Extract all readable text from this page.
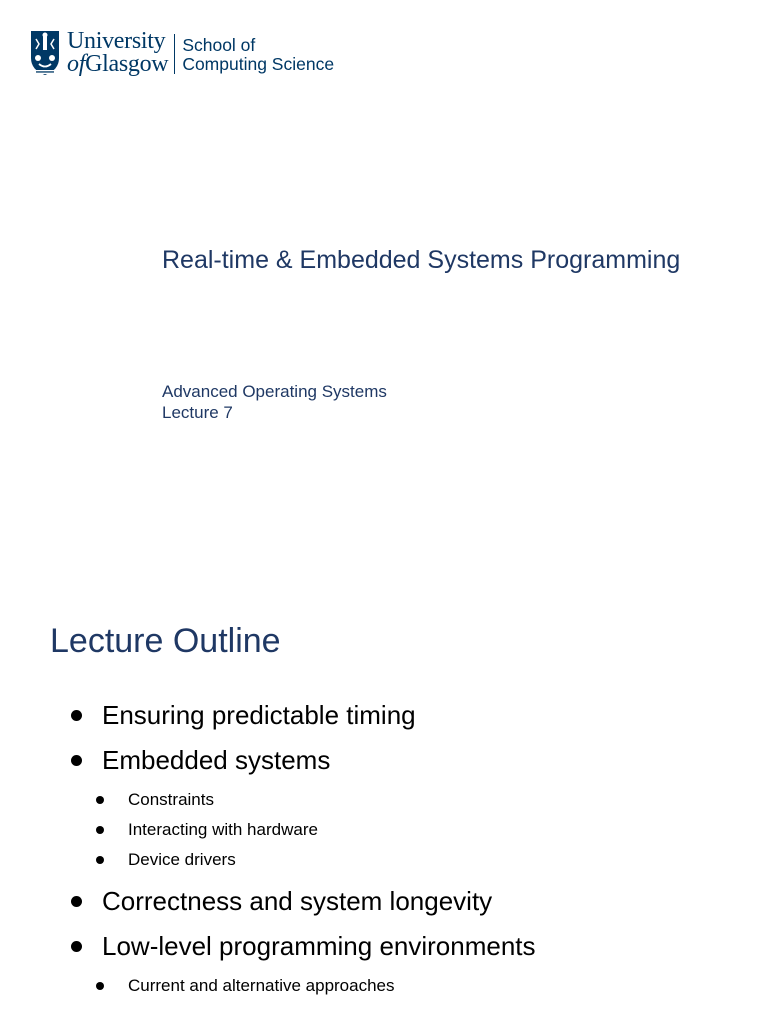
University
ofGlasgow
School of
Computing Science
Real-time & Embedded Systems Programming
Advanced Operating Systems
Lecture 7
Lecture Outline
Ensuring predictable timing
Embedded systems
Constraints
Interacting with hardware
Device drivers
Correctness and system longevity
Low-level programming environments
Current and alternative approaches
